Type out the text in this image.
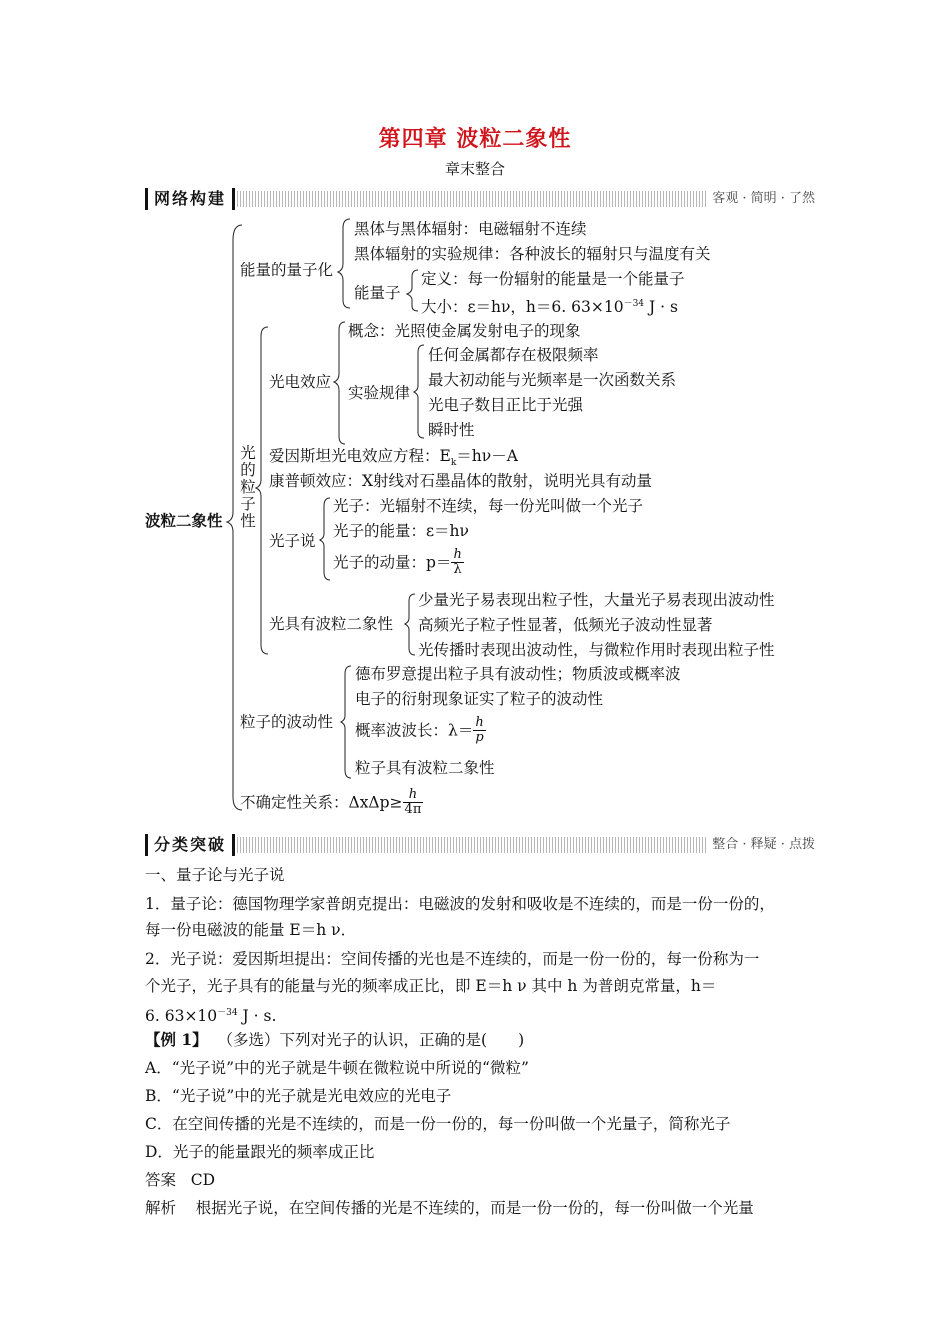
第四章 波粒二象性
章末整合
网络构建	客观 · 简明 · 了然
波粒二象性
能量的量子化
黑体与黑体辐射：电磁辐射不连续
黑体辐射的实验规律：各种波长的辐射只与温度有关
能量子
定义：每一份辐射的能量是一个能量子
大小：ε＝hν，h＝6. $63\times 10^{-34}$ J · s
光的粒子性
光电效应
概念：光照使金属发射电子的现象
实验规律
任何金属都存在极限频率
最大初动能与光频率是一次函数关系
光电子数目正比于光强
瞬时性
爱因斯坦光电效应方程：$E_k=h\nu-A$
康普顿效应：X射线对石墨晶体的散射，说明光具有动量
光子说
光子：光辐射不连续，每一份光叫做一个光子
光子的能量：ε＝hν
光子的动量：$p= \frac{h}{\lambda}$
光具有波粒二象性
少量光子易表现出粒子性，大量光子易表现出波动性
高频光子粒子性显著，低频光子波动性显著
光传播时表现出波动性，与微粒作用时表现出粒子性
粒子的波动性
德布罗意提出粒子具有波动性；物质波或概率波
电子的衍射现象证实了粒子的波动性
概率波波长：$\lambda= \frac{h}{p}$
粒子具有波粒二象性
不确定性关系：$\Delta x\Delta p\ge \frac{h}{4\pi}$
分类突破	整合 · 释疑 · 点拨
一、量子论与光子说
1．量子论：德国物理学家普朗克提出：电磁波的发射和吸收是不连续的，而是一份一份的，
每一份电磁波的能量 E＝h ν．
2．光子说：爱因斯坦提出：空间传播的光也是不连续的，而是一份一份的，每一份称为一
个光子，光子具有的能量与光的频率成正比，即 E＝h ν 其中 h 为普朗克常量，h＝
6. $63\times 10^{-34}$ J · s.
【例 1】 （多选）下列对光子的认识，正确的是(　　)
A．“光子说”中的光子就是牛顿在微粒说中所说的“微粒”
B．“光子说”中的光子就是光电效应的光电子
C．在空间传播的光是不连续的，而是一份一份的，每一份叫做一个光量子，简称光子
D．光子的能量跟光的频率成正比
答案 CD
解析 根据光子说，在空间传播的光是不连续的，而是一份一份的，每一份叫做一个光量
